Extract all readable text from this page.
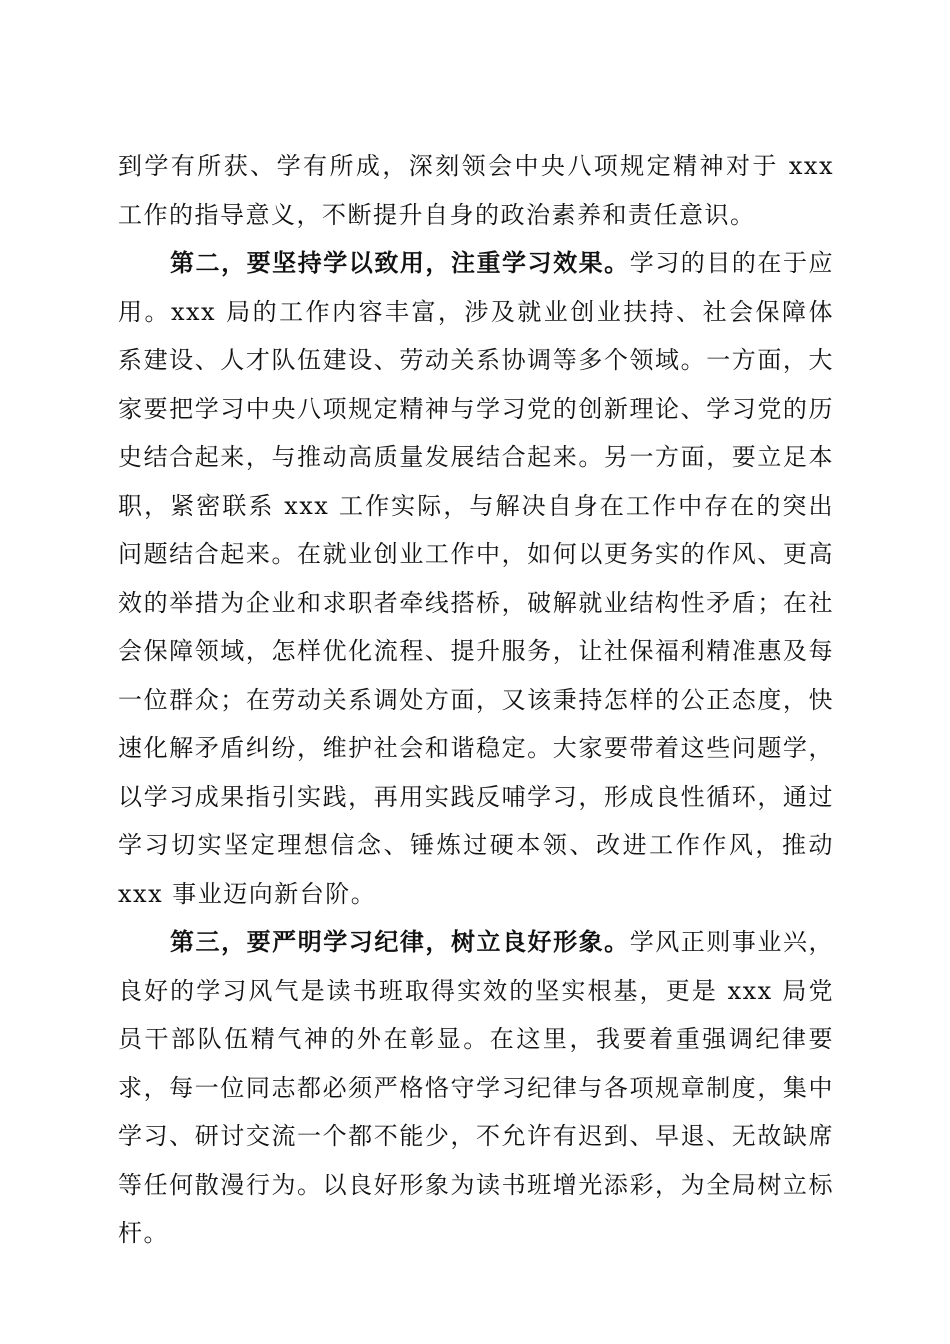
到学有所获、学有所成，深刻领会中央八项规定精神对于 xxx 工作的指导意义，不断提升自身的政治素养和责任意识。

第二，要坚持学以致用，注重学习效果。学习的目的在于应用。xxx 局的工作内容丰富，涉及就业创业扶持、社会保障体系建设、人才队伍建设、劳动关系协调等多个领域。一方面，大家要把学习中央八项规定精神与学习党的创新理论、学习党的历史结合起来，与推动高质量发展结合起来。另一方面，要立足本职，紧密联系 xxx 工作实际，与解决自身在工作中存在的突出问题结合起来。在就业创业工作中，如何以更务实的作风、更高效的举措为企业和求职者牵线搭桥，破解就业结构性矛盾；在社会保障领域，怎样优化流程、提升服务，让社保福利精准惠及每一位群众；在劳动关系调处方面，又该秉持怎样的公正态度，快速化解矛盾纠纷，维护社会和谐稳定。大家要带着这些问题学，以学习成果指引实践，再用实践反哺学习，形成良性循环，通过学习切实坚定理想信念、锤炼过硬本领、改进工作作风，推动 xxx 事业迈向新台阶。

第三，要严明学习纪律，树立良好形象。学风正则事业兴，良好的学习风气是读书班取得实效的坚实根基，更是 xxx 局党员干部队伍精气神的外在彰显。在这里，我要着重强调纪律要求，每一位同志都必须严格恪守学习纪律与各项规章制度，集中学习、研讨交流一个都不能少，不允许有迟到、早退、无故缺席等任何散漫行为。以良好形象为读书班增光添彩，为全局树立标杆。
